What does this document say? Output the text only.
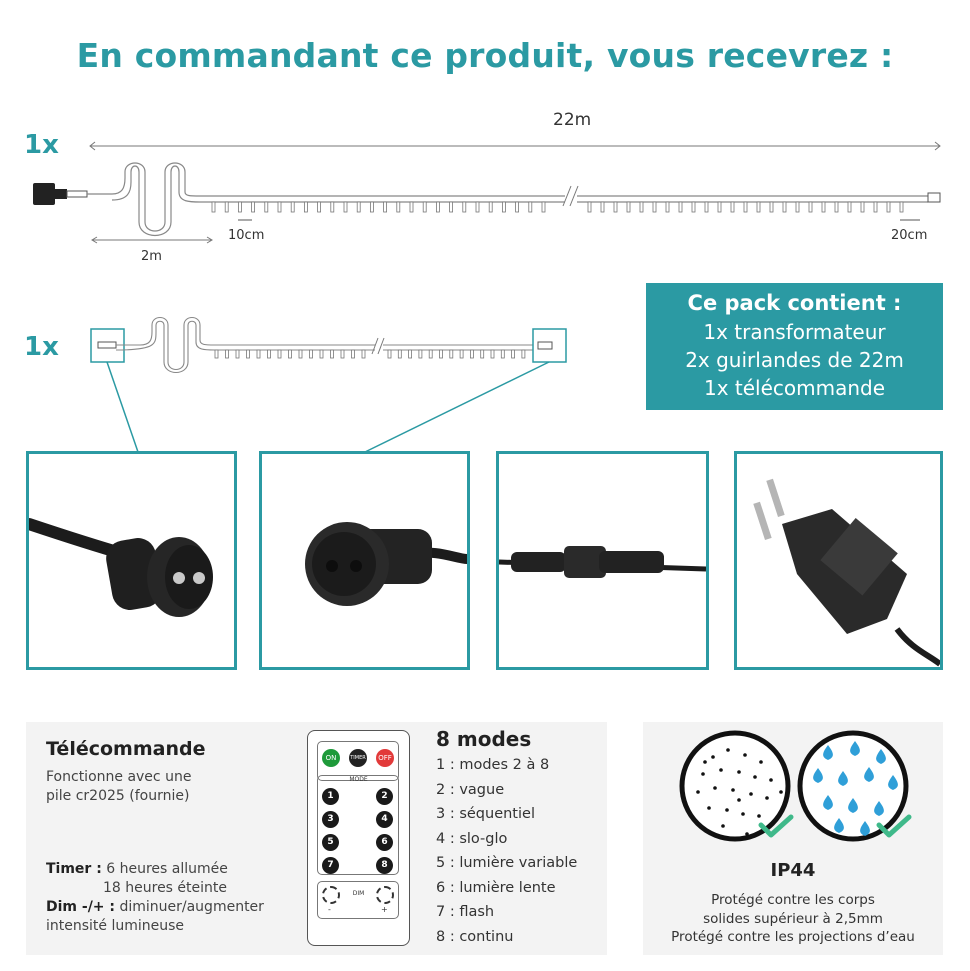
En commandant ce produit, vous recevrez :
1x
22m
10cm	20cm
2m
1x
Ce pack contient :
1x transformateur
2x guirlandes de 22m
1x télécommande
Télécommande
Fonctionne avec une
pile cr2025 (fournie)
Timer : 6 heures allumée
18 heures éteinte
Dim -/+ : diminuer/augmenter
intensité lumineuse
ON	TIMER	OFF
MODE
1	2
3	4
5	6
7	8
DIM
-	+
8 modes
1 : modes 2 à 8
2 : vague
3 : séquentiel
4 : slo-glo
5 : lumière variable
6 : lumière lente
7 : flash
8 : continu
IP44
Protégé contre les corps
solides supérieur à 2,5mm
Protégé contre les projections d’eau
